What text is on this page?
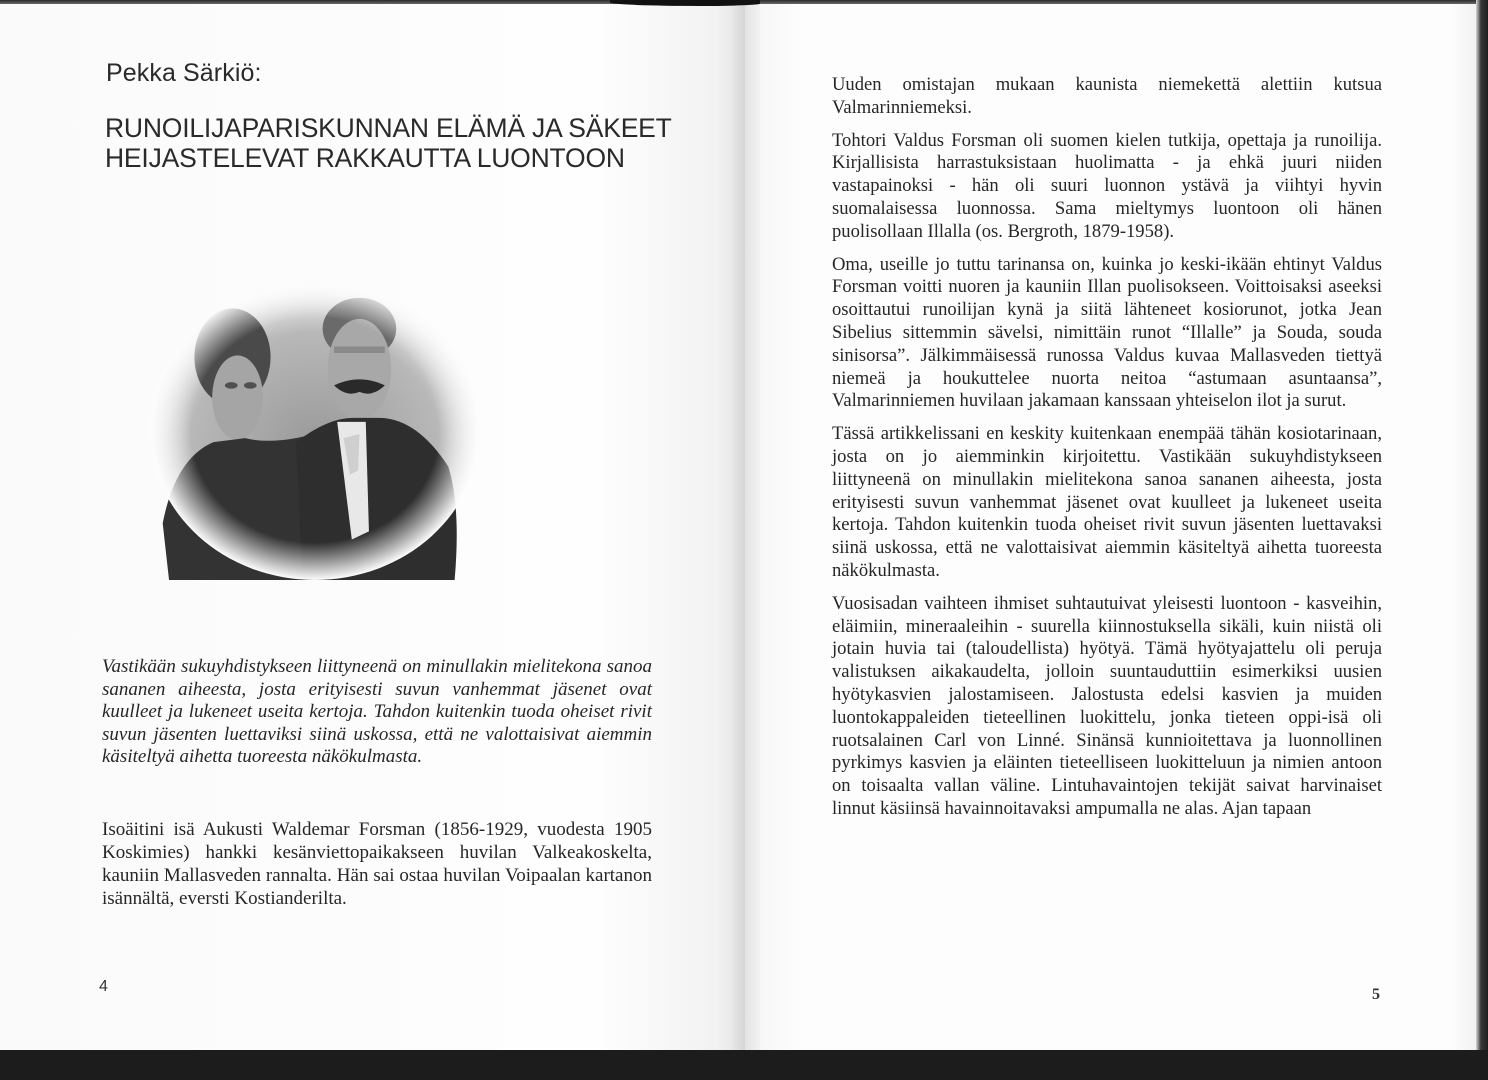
Pekka Särkiö:
RUNOILIJAPARISKUNNAN ELÄMÄ JA SÄKEET
HEIJASTELEVAT RAKKAUTTA LUONTOON

Vastikään sukuyhdistykseen liittyneenä on minullakin mielitekona sanoa sananen aiheesta, josta erityisesti suvun vanhemmat jäsenet ovat kuulleet ja lukeneet useita kertoja. Tahdon kuitenkin tuoda oheiset rivit suvun jäsenten luettaviksi siinä uskossa, että ne valottaisivat aiemmin käsiteltyä aihetta tuoreesta näkökulmasta.

Isoäitini isä Aukusti Waldemar Forsman (1856-1929, vuodesta 1905 Koskimies) hankki kesänviettopaikakseen huvilan Valkeakoskelta, kauniin Mallasveden rannalta. Hän sai ostaa huvilan Voipaalan kartanon isännältä, eversti Kostianderilta.

4

Uuden omistajan mukaan kaunista niemekettä alettiin kutsua Valmarinniemeksi.

Tohtori Valdus Forsman oli suomen kielen tutkija, opettaja ja runoilija. Kirjallisista harrastuksistaan huolimatta - ja ehkä juuri niiden vastapainoksi - hän oli suuri luonnon ystävä ja viihtyi hyvin suomalaisessa luonnossa. Sama mieltymys luontoon oli hänen puolisollaan Illalla (os. Bergroth, 1879-1958).

Oma, useille jo tuttu tarinansa on, kuinka jo keski-ikään ehtinyt Valdus Forsman voitti nuoren ja kauniin Illan puolisokseen. Voittoisaksi aseeksi osoittautui runoilijan kynä ja siitä lähteneet kosiorunot, jotka Jean Sibelius sittemmin sävelsi, nimittäin runot “Illalle” ja Souda, souda sinisorsa”. Jälkimmäisessä runossa Valdus kuvaa Mallasveden tiettyä niemeä ja houkuttelee nuorta neitoa “astumaan asuntaansa”, Valmarinniemen huvilaan jakamaan kanssaan yhteiselon ilot ja surut.

Tässä artikkelissani en keskity kuitenkaan enempää tähän kosiotarinaan, josta on jo aiemminkin kirjoitettu. Vastikään sukuyhdistykseen liittyneenä on minullakin mielitekona sanoa sananen aiheesta, josta erityisesti suvun vanhemmat jäsenet ovat kuulleet ja lukeneet useita kertoja. Tahdon kuitenkin tuoda oheiset rivit suvun jäsenten luettavaksi siinä uskossa, että ne valottaisivat aiemmin käsiteltyä aihetta tuoreesta näkökulmasta.

Vuosisadan vaihteen ihmiset suhtautuivat yleisesti luontoon - kasveihin, eläimiin, mineraaleihin - suurella kiinnostuksella sikäli, kuin niistä oli jotain huvia tai (taloudellista) hyötyä. Tämä hyötyajattelu oli peruja valistuksen aikakaudelta, jolloin suuntauduttiin esimerkiksi uusien hyötykasvien jalostamiseen. Jalostusta edelsi kasvien ja muiden luontokappaleiden tieteellinen luokittelu, jonka tieteen oppi-isä oli ruotsalainen Carl von Linné. Sinänsä kunnioitettava ja luonnollinen pyrkimys kasvien ja eläinten tieteelliseen luokitteluun ja nimien antoon on toisaalta vallan väline. Lintuhavaintojen tekijät saivat harvinaiset linnut käsiinsä havainnoitavaksi ampumalla ne alas. Ajan tapaan

5
